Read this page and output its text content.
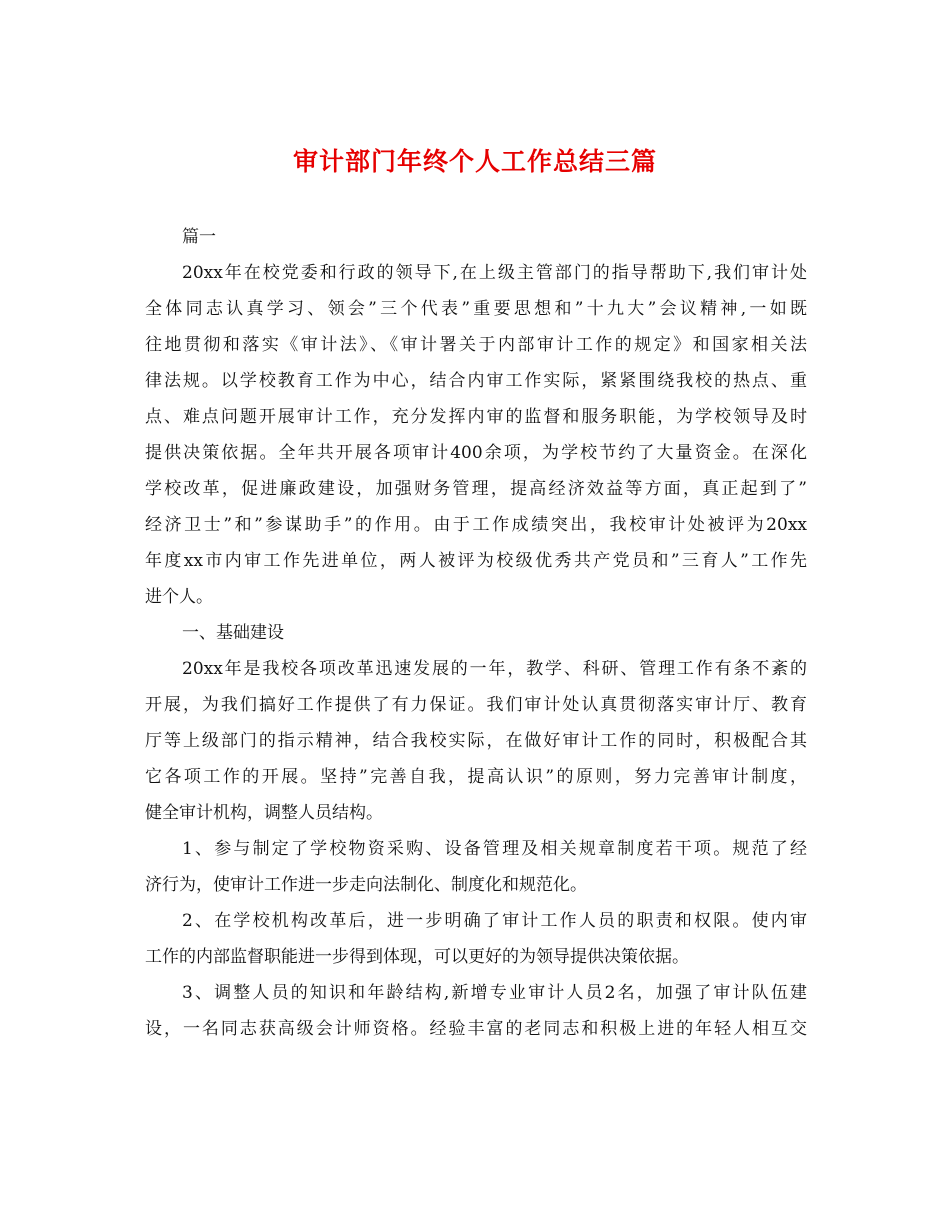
审计部门年终个人工作总结三篇
篇一
20xx年在校党委和行政的领导下,在上级主管部门的指导帮助下,我们审计处
全体同志认真学习、领会”三个代表”重要思想和”十九大”会议精神,一如既
往地贯彻和落实《审计法》、《审计署关于内部审计工作的规定》和国家相关法
律法规。以学校教育工作为中心，结合内审工作实际，紧紧围绕我校的热点、重
点、难点问题开展审计工作，充分发挥内审的监督和服务职能，为学校领导及时
提供决策依据。全年共开展各项审计400余项，为学校节约了大量资金。在深化
学校改革，促进廉政建设，加强财务管理，提高经济效益等方面，真正起到了”
经济卫士”和”参谋助手”的作用。由于工作成绩突出，我校审计处被评为20xx
年度xx市内审工作先进单位，两人被评为校级优秀共产党员和”三育人”工作先
进个人。
一、基础建设
20xx年是我校各项改革迅速发展的一年，教学、科研、管理工作有条不紊的
开展，为我们搞好工作提供了有力保证。我们审计处认真贯彻落实审计厅、教育
厅等上级部门的指示精神，结合我校实际，在做好审计工作的同时，积极配合其
它各项工作的开展。坚持”完善自我，提高认识”的原则，努力完善审计制度，
健全审计机构，调整人员结构。
1、参与制定了学校物资采购、设备管理及相关规章制度若干项。规范了经
济行为，使审计工作进一步走向法制化、制度化和规范化。
2、在学校机构改革后，进一步明确了审计工作人员的职责和权限。使内审
工作的内部监督职能进一步得到体现，可以更好的为领导提供决策依据。
3、调整人员的知识和年龄结构,新增专业审计人员2名，加强了审计队伍建
设，一名同志获高级会计师资格。经验丰富的老同志和积极上进的年轻人相互交
